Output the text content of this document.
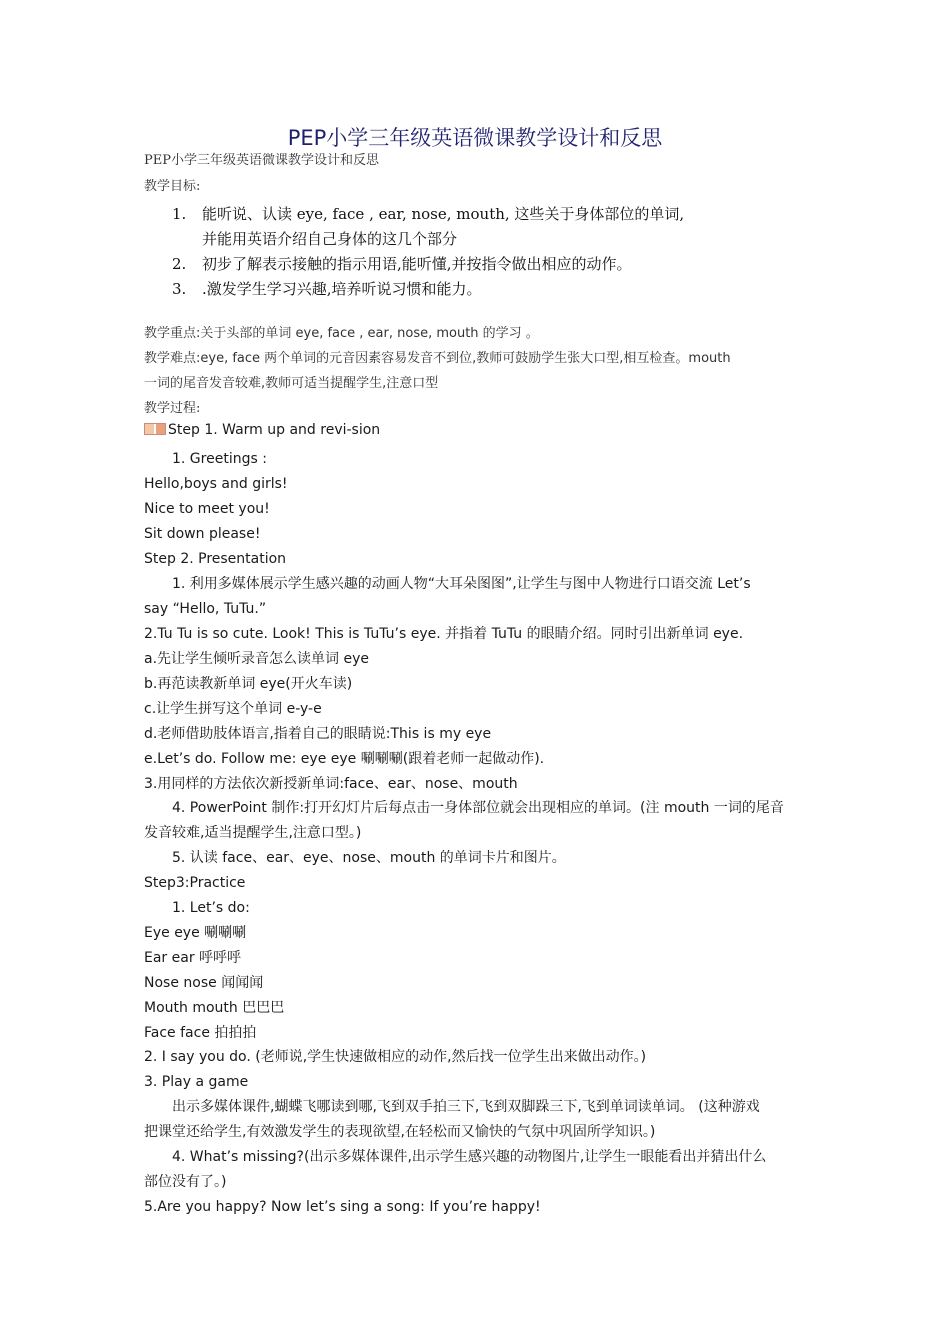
PEP小学三年级英语微课教学设计和反思
PEP小学三年级英语微课教学设计和反思
教学目标:
1. 能听说、认读 eye, face , ear, nose, mouth, 这些关于身体部位的单词,
并能用英语介绍自己身体的这几个部分
2. 初步了解表示接触的指示用语,能听懂,并按指令做出相应的动作。
3. .激发学生学习兴趣,培养听说习惯和能力。
教学重点:关于头部的单词 eye, face , ear, nose, mouth 的学习 。
教学难点:eye, face 两个单词的元音因素容易发音不到位,教师可鼓励学生张大口型,相互检查。mouth
一词的尾音发音较难,教师可适当提醒学生,注意口型
教学过程:
Step 1. Warm up and revi-sion
1. Greetings :
Hello,boys and girls!
Nice to meet you!
Sit down please!
Step 2. Presentation
1. 利用多媒体展示学生感兴趣的动画人物“大耳朵图图”,让学生与图中人物进行口语交流 Let’s
say “Hello, TuTu.”
2.Tu Tu is so cute. Look! This is TuTu’s eye. 并指着 TuTu 的眼睛介绍。同时引出新单词 eye.
a.先让学生倾听录音怎么读单词 eye
b.再范读教新单词 eye(开火车读)
c.让学生拼写这个单词 e-y-e
d.老师借助肢体语言,指着自己的眼睛说:This is my eye
e.Let’s do. Follow me: eye eye 唰唰唰(跟着老师一起做动作).
3.用同样的方法依次新授新单词:face、ear、nose、mouth
4. PowerPoint 制作:打开幻灯片后每点击一身体部位就会出现相应的单词。(注 mouth 一词的尾音
发音较难,适当提醒学生,注意口型。)
5. 认读 face、ear、eye、nose、mouth 的单词卡片和图片。
Step3:Practice
1. Let’s do:
Eye eye 唰唰唰
Ear ear 呼呼呼
Nose nose 闻闻闻
Mouth mouth 巴巴巴
Face face 拍拍拍
2. I say you do. (老师说,学生快速做相应的动作,然后找一位学生出来做出动作。)
3. Play a game
出示多媒体课件,蝴蝶飞哪读到哪,飞到双手拍三下,飞到双脚跺三下,飞到单词读单词。 (这种游戏
把课堂还给学生,有效激发学生的表现欲望,在轻松而又愉快的气氛中巩固所学知识。)
4. What’s missing?(出示多媒体课件,出示学生感兴趣的动物图片,让学生一眼能看出并猜出什么
部位没有了。)
5.Are you happy? Now let’s sing a song: If you’re happy!
